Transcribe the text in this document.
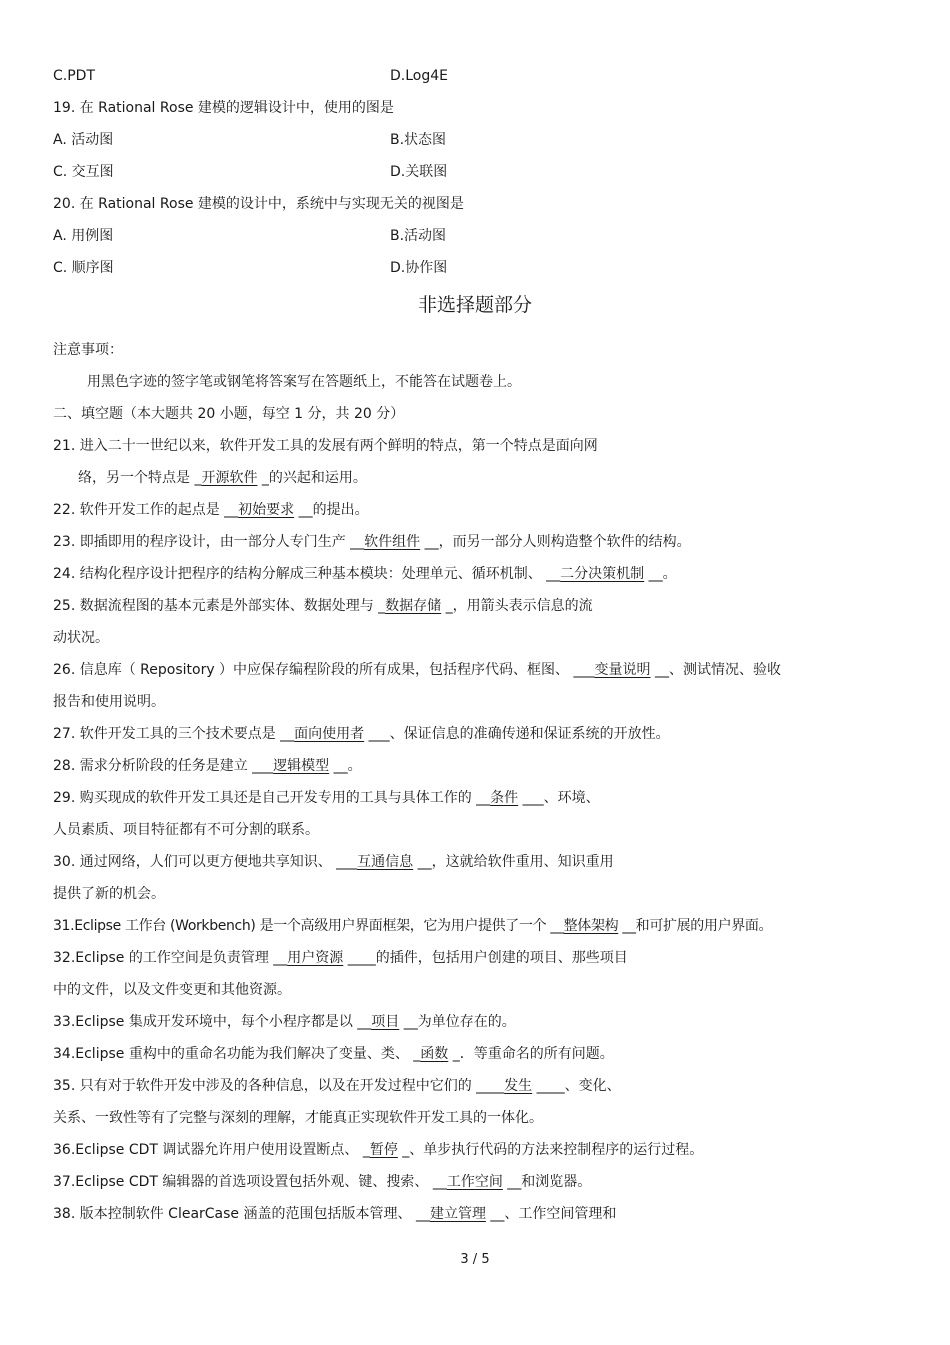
C.PDT	D.Log4E
19. 在 Rational Rose 建模的逻辑设计中，使用的图是
A. 活动图	B.状态图
C. 交互图	D.关联图
20. 在 Rational Rose 建模的设计中，系统中与实现无关的视图是
A. 用例图	B.活动图
C. 顺序图	D.协作图
非选择题部分
注意事项：
用黑色字迹的签字笔或钢笔将答案写在答题纸上，不能答在试题卷上。
二、填空题（本大题共 20 小题，每空 1 分，共 20 分）
21. 进入二十一世纪以来，软件开发工具的发展有两个鲜明的特点，第一个特点是面向网
络，另一个特点是 _开源软件 _的兴起和运用。
22. 软件开发工作的起点是 __初始要求 __的提出。
23. 即插即用的程序设计，由一部分人专门生产 __软件组件 __，而另一部分人则构造整个软件的结构。
24. 结构化程序设计把程序的结构分解成三种基本模块：处理单元、循环机制、 __二分决策机制 __。
25. 数据流程图的基本元素是外部实体、数据处理与 _数据存储 _，用箭头表示信息的流
动状况。
26. 信息库（ Repository ）中应保存编程阶段的所有成果，包括程序代码、框图、 ___变量说明 __、测试情况、验收
报告和使用说明。
27. 软件开发工具的三个技术要点是 __面向使用者 ___、保证信息的准确传递和保证系统的开放性。
28. 需求分析阶段的任务是建立 ___逻辑模型 __。
29. 购买现成的软件开发工具还是自己开发专用的工具与具体工作的 __条件 ___、环境、
人员素质、项目特征都有不可分割的联系。
30. 通过网络，人们可以更方便地共享知识、 ___互通信息 __，这就给软件重用、知识重用
提供了新的机会。
31.Eclipse 工作台 (Workbench) 是一个高级用户界面框架，它为用户提供了一个 __整体架构 __和可扩展的用户界面。
32.Eclipse 的工作空间是负责管理 __用户资源 ____的插件，包括用户创建的项目、那些项目
中的文件，以及文件变更和其他资源。
33.Eclipse 集成开发环境中，每个小程序都是以 __项目 __为单位存在的。
34.Eclipse 重构中的重命名功能为我们解决了变量、类、 _函数 _．等重命名的所有问题。
35. 只有对于软件开发中涉及的各种信息，以及在开发过程中它们的 ____发生 ____、变化、
关系、一致性等有了完整与深刻的理解，才能真正实现软件开发工具的一体化。
36.Eclipse CDT 调试器允许用户使用设置断点、 _暂停 _、单步执行代码的方法来控制程序的运行过程。
37.Eclipse CDT 编辑器的首选项设置包括外观、键、搜索、 __工作空间 __和浏览器。
38. 版本控制软件 ClearCase 涵盖的范围包括版本管理、 __建立管理 __、工作空间管理和
3 / 5
